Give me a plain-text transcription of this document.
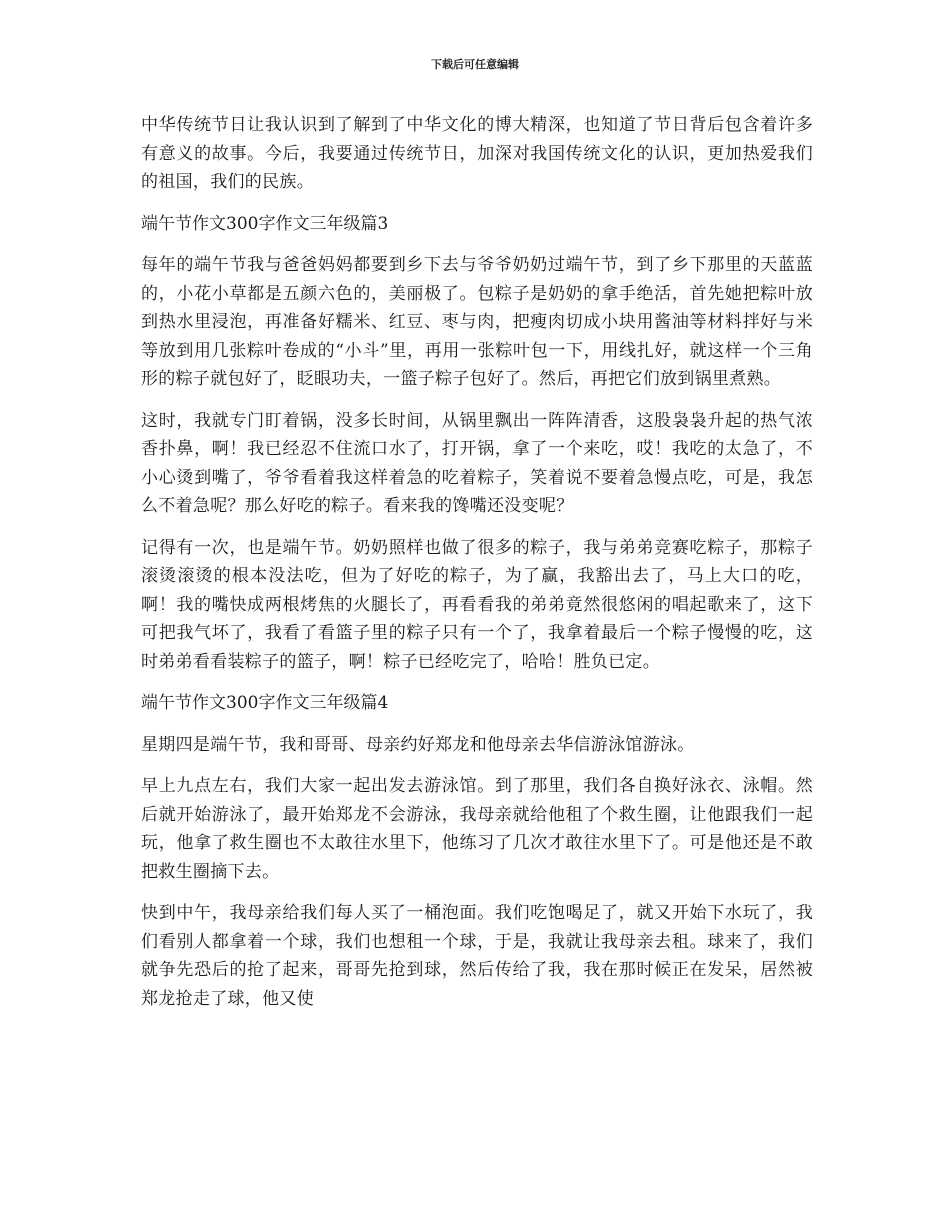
下载后可任意编辑

中华传统节日让我认识到了解到了中华文化的博大精深，也知道了节日背后包含着许多有意义的故事。今后，我要通过传统节日，加深对我国传统文化的认识，更加热爱我们的祖国，我们的民族。

端午节作文300字作文三年级篇3

每年的端午节我与爸爸妈妈都要到乡下去与爷爷奶奶过端午节，到了乡下那里的天蓝蓝的，小花小草都是五颜六色的，美丽极了。包粽子是奶奶的拿手绝活，首先她把粽叶放到热水里浸泡，再准备好糯米、红豆、枣与肉，把瘦肉切成小块用酱油等材料拌好与米等放到用几张粽叶卷成的“小斗”里，再用一张粽叶包一下，用线扎好，就这样一个三角形的粽子就包好了，眨眼功夫，一篮子粽子包好了。然后，再把它们放到锅里煮熟。

这时，我就专门盯着锅，没多长时间，从锅里飘出一阵阵清香，这股袅袅升起的热气浓香扑鼻，啊！我已经忍不住流口水了，打开锅，拿了一个来吃，哎！我吃的太急了，不小心烫到嘴了，爷爷看着我这样着急的吃着粽子，笑着说不要着急慢点吃，可是，我怎么不着急呢？那么好吃的粽子。看来我的馋嘴还没变呢？

记得有一次，也是端午节。奶奶照样也做了很多的粽子，我与弟弟竞赛吃粽子，那粽子滚烫滚烫的根本没法吃，但为了好吃的粽子，为了赢，我豁出去了，马上大口的吃，啊！我的嘴快成两根烤焦的火腿长了，再看看我的弟弟竟然很悠闲的唱起歌来了，这下可把我气坏了，我看了看篮子里的粽子只有一个了，我拿着最后一个粽子慢慢的吃，这时弟弟看看装粽子的篮子，啊！粽子已经吃完了，哈哈！胜负已定。

端午节作文300字作文三年级篇4

星期四是端午节，我和哥哥、母亲约好郑龙和他母亲去华信游泳馆游泳。

早上九点左右，我们大家一起出发去游泳馆。到了那里，我们各自换好泳衣、泳帽。然后就开始游泳了，最开始郑龙不会游泳，我母亲就给他租了个救生圈，让他跟我们一起玩，他拿了救生圈也不太敢往水里下，他练习了几次才敢往水里下了。可是他还是不敢把救生圈摘下去。

快到中午，我母亲给我们每人买了一桶泡面。我们吃饱喝足了，就又开始下水玩了，我们看别人都拿着一个球，我们也想租一个球，于是，我就让我母亲去租。球来了，我们就争先恐后的抢了起来，哥哥先抢到球，然后传给了我，我在那时候正在发呆，居然被郑龙抢走了球，他又使
